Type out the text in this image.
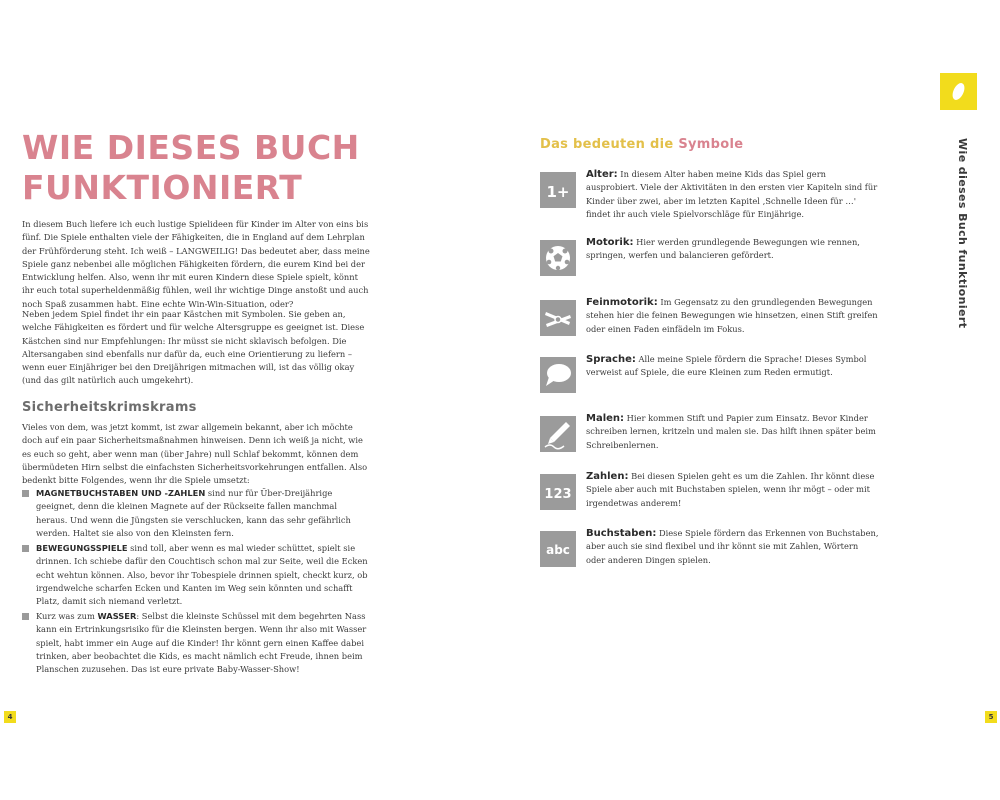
WIE DIESES BUCH
FUNKTIONIERT

In diesem Buch liefere ich euch lustige Spielideen für Kinder im Alter von eins bis fünf. Die Spiele enthalten viele der Fähigkeiten, die in England auf dem Lehrplan der Frühförderung steht. Ich weiß – LANGWEILIG! Das bedeutet aber, dass meine Spiele ganz nebenbei alle möglichen Fähigkeiten fördern, die eurem Kind bei der Entwicklung helfen. Also, wenn ihr mit euren Kindern diese Spiele spielt, könnt ihr euch total superheldenmäßig fühlen, weil ihr wichtige Dinge anstoßt und auch noch Spaß zusammen habt. Eine echte Win-Win-Situation, oder?

Neben jedem Spiel findet ihr ein paar Kästchen mit Symbolen. Sie geben an, welche Fähigkeiten es fördert und für welche Altersgruppe es geeignet ist. Diese Kästchen sind nur Empfehlungen: Ihr müsst sie nicht sklavisch befolgen. Die Altersangaben sind ebenfalls nur dafür da, euch eine Orientierung zu liefern – wenn euer Einjähriger bei den Dreijährigen mitmachen will, ist das völlig okay (und das gilt natürlich auch umgekehrt).

Sicherheitskrimskrams

Vieles von dem, was jetzt kommt, ist zwar allgemein bekannt, aber ich möchte doch auf ein paar Sicherheitsmaßnahmen hinweisen. Denn ich weiß ja nicht, wie es euch so geht, aber wenn man (über Jahre) null Schlaf bekommt, können dem übermüdeten Hirn selbst die einfachsten Sicherheitsvorkehrungen entfallen. Also bedenkt bitte Folgendes, wenn ihr die Spiele umsetzt:

MAGNETBUCHSTABEN UND -ZAHLEN sind nur für Über-Dreijährige geeignet, denn die kleinen Magnete auf der Rückseite fallen manchmal heraus. Und wenn die Jüngsten sie verschlucken, kann das sehr gefährlich werden. Haltet sie also von den Kleinsten fern.
BEWEGUNGSSPIELE sind toll, aber wenn es mal wieder schüttet, spielt sie drinnen. Ich schiebe dafür den Couchtisch schon mal zur Seite, weil die Ecken echt wehtun können. Also, bevor ihr Tobespiele drinnen spielt, checkt kurz, ob irgendwelche scharfen Ecken und Kanten im Weg sein könnten und schafft Platz, damit sich niemand verletzt.
Kurz was zum WASSER: Selbst die kleinste Schüssel mit dem begehrten Nass kann ein Ertrinkungsrisiko für die Kleinsten bergen. Wenn ihr also mit Wasser spielt, habt immer ein Auge auf die Kinder! Ihr könnt gern einen Kaffee dabei trinken, aber beobachtet die Kids, es macht nämlich echt Freude, ihnen beim Planschen zuzusehen. Das ist eure private Baby-Wasser-Show!
4
Das bedeuten die Symbole
1+
Alter: In diesem Alter haben meine Kids das Spiel gern ausprobiert. Viele der Aktivitäten in den ersten vier Kapiteln sind für Kinder über zwei, aber im letzten Kapitel ‚Schnelle Ideen für …' findet ihr auch viele Spielvorschläge für Einjährige.
Motorik: Hier werden grundlegende Bewegungen wie rennen, springen, werfen und balancieren gefördert.
Feinmotorik: Im Gegensatz zu den grundlegenden Bewegungen stehen hier die feinen Bewegungen wie hinsetzen, einen Stift greifen oder einen Faden einfädeln im Fokus.
Sprache: Alle meine Spiele fördern die Sprache! Dieses Symbol verweist auf Spiele, die eure Kleinen zum Reden ermutigt.
Malen: Hier kommen Stift und Papier zum Einsatz. Bevor Kinder schreiben lernen, kritzeln und malen sie. Das hilft ihnen später beim Schreibenlernen.
123
Zahlen: Bei diesen Spielen geht es um die Zahlen. Ihr könnt diese Spiele aber auch mit Buchstaben spielen, wenn ihr mögt – oder mit irgendetwas anderem!
abc
Buchstaben: Diese Spiele fördern das Erkennen von Buchstaben, aber auch sie sind flexibel und ihr könnt sie mit Zahlen, Wörtern oder anderen Dingen spielen.
Wie dieses Buch funktioniert
5
